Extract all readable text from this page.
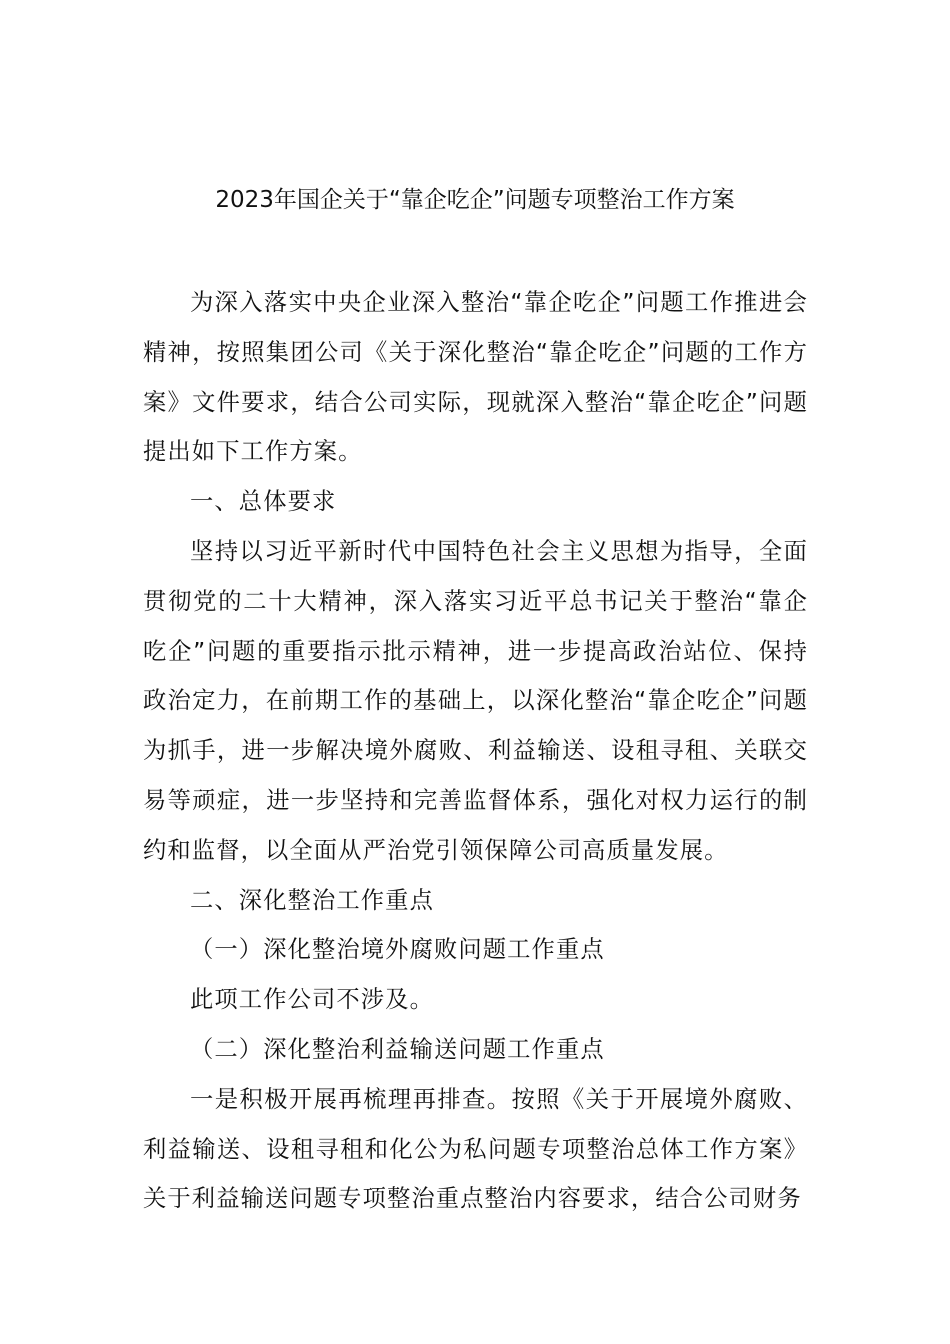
2023年国企关于“靠企吃企”问题专项整治工作方案

为深入落实中央企业深入整治“靠企吃企”问题工作推进会精神，按照集团公司《关于深化整治“靠企吃企”问题的工作方案》文件要求，结合公司实际，现就深入整治“靠企吃企”问题提出如下工作方案。

一、总体要求

坚持以习近平新时代中国特色社会主义思想为指导，全面贯彻党的二十大精神，深入落实习近平总书记关于整治“靠企吃企”问题的重要指示批示精神，进一步提高政治站位、保持政治定力，在前期工作的基础上，以深化整治“靠企吃企”问题为抓手，进一步解决境外腐败、利益输送、设租寻租、关联交易等顽症，进一步坚持和完善监督体系，强化对权力运行的制约和监督，以全面从严治党引领保障公司高质量发展。

二、深化整治工作重点

（一）深化整治境外腐败问题工作重点

此项工作公司不涉及。

（二）深化整治利益输送问题工作重点

一是积极开展再梳理再排查。按照《关于开展境外腐败、利益输送、设租寻租和化公为私问题专项整治总体工作方案》关于利益输送问题专项整治重点整治内容要求，结合公司财务
